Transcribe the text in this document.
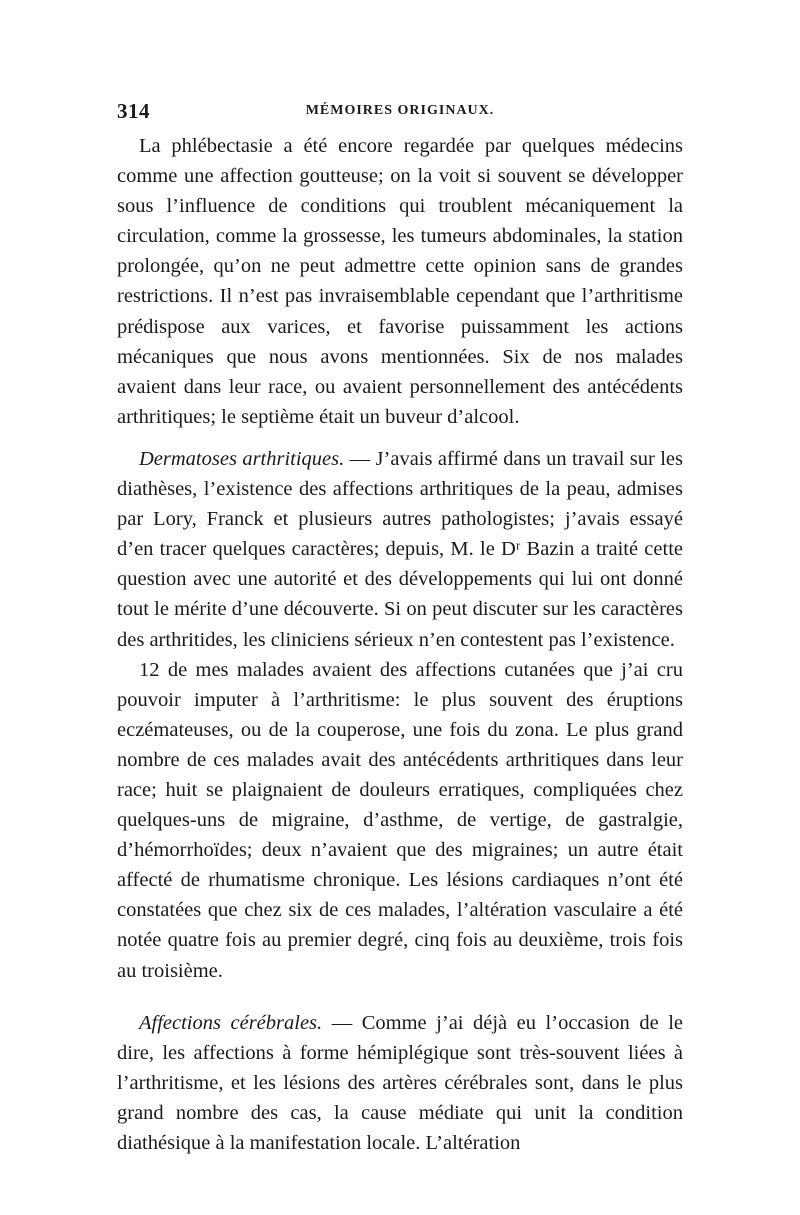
314	MÉMOIRES ORIGINAUX.

La phlébectasie a été encore regardée par quelques médecins comme une affection goutteuse; on la voit si souvent se développer sous l’influence de conditions qui troublent mécaniquement la circulation, comme la grossesse, les tumeurs abdominales, la station prolongée, qu’on ne peut admettre cette opinion sans de grandes restrictions. Il n’est pas invraisemblable cependant que l’arthritisme prédispose aux varices, et favorise puissamment les actions mécaniques que nous avons mentionnées. Six de nos malades avaient dans leur race, ou avaient personnellement des antécédents arthritiques; le septième était un buveur d’alcool.

Dermatoses arthritiques. — J’avais affirmé dans un travail sur les diathèses, l’existence des affections arthritiques de la peau, admises par Lory, Franck et plusieurs autres pathologistes; j’avais essayé d’en tracer quelques caractères; depuis, M. le Dʳ Bazin a traité cette question avec une autorité et des développements qui lui ont donné tout le mérite d’une découverte. Si on peut discuter sur les caractères des arthritides, les cliniciens sérieux n’en contestent pas l’existence.

12 de mes malades avaient des affections cutanées que j’ai cru pouvoir imputer à l’arthritisme: le plus souvent des éruptions eczémateuses, ou de la couperose, une fois du zona. Le plus grand nombre de ces malades avait des antécédents arthritiques dans leur race; huit se plaignaient de douleurs erratiques, compliquées chez quelques-uns de migraine, d’asthme, de vertige, de gastralgie, d’hémorrhoïdes; deux n’avaient que des migraines; un autre était affecté de rhumatisme chronique. Les lésions cardiaques n’ont été constatées que chez six de ces malades, l’altération vasculaire a été notée quatre fois au premier degré, cinq fois au deuxième, trois fois au troisième.

Affections cérébrales. — Comme j’ai déjà eu l’occasion de le dire, les affections à forme hémiplégique sont très-souvent liées à l’arthritisme, et les lésions des artères cérébrales sont, dans le plus grand nombre des cas, la cause médiate qui unit la condition diathésique à la manifestation locale. L’altération
